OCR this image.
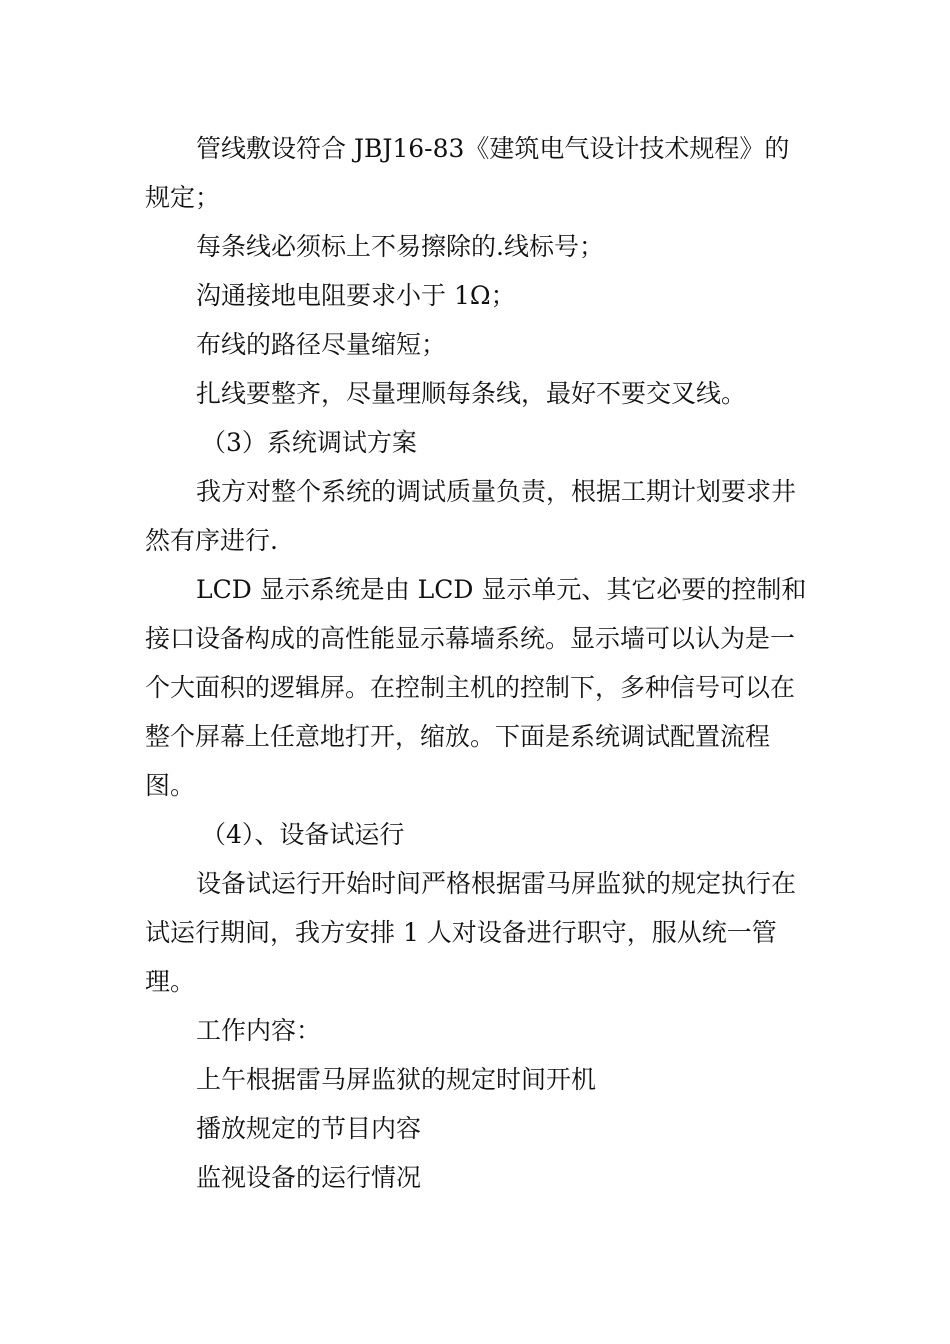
管线敷设符合 JBJ16-83《建筑电气设计技术规程》的规定；

每条线必须标上不易擦除的.线标号；

沟通接地电阻要求小于 1Ω；

布线的路径尽量缩短；

扎线要整齐，尽量理顺每条线，最好不要交叉线。

（3）系统调试方案

我方对整个系统的调试质量负责，根据工期计划要求井然有序进行.

LCD 显示系统是由 LCD 显示单元、其它必要的控制和接口设备构成的高性能显示幕墙系统。显示墙可以认为是一个大面积的逻辑屏。在控制主机的控制下，多种信号可以在整个屏幕上任意地打开，缩放。下面是系统调试配置流程图。

（4）、设备试运行

设备试运行开始时间严格根据雷马屏监狱的规定执行在试运行期间，我方安排 1 人对设备进行职守，服从统一管理。

工作内容：

上午根据雷马屏监狱的规定时间开机

播放规定的节目内容

监视设备的运行情况
